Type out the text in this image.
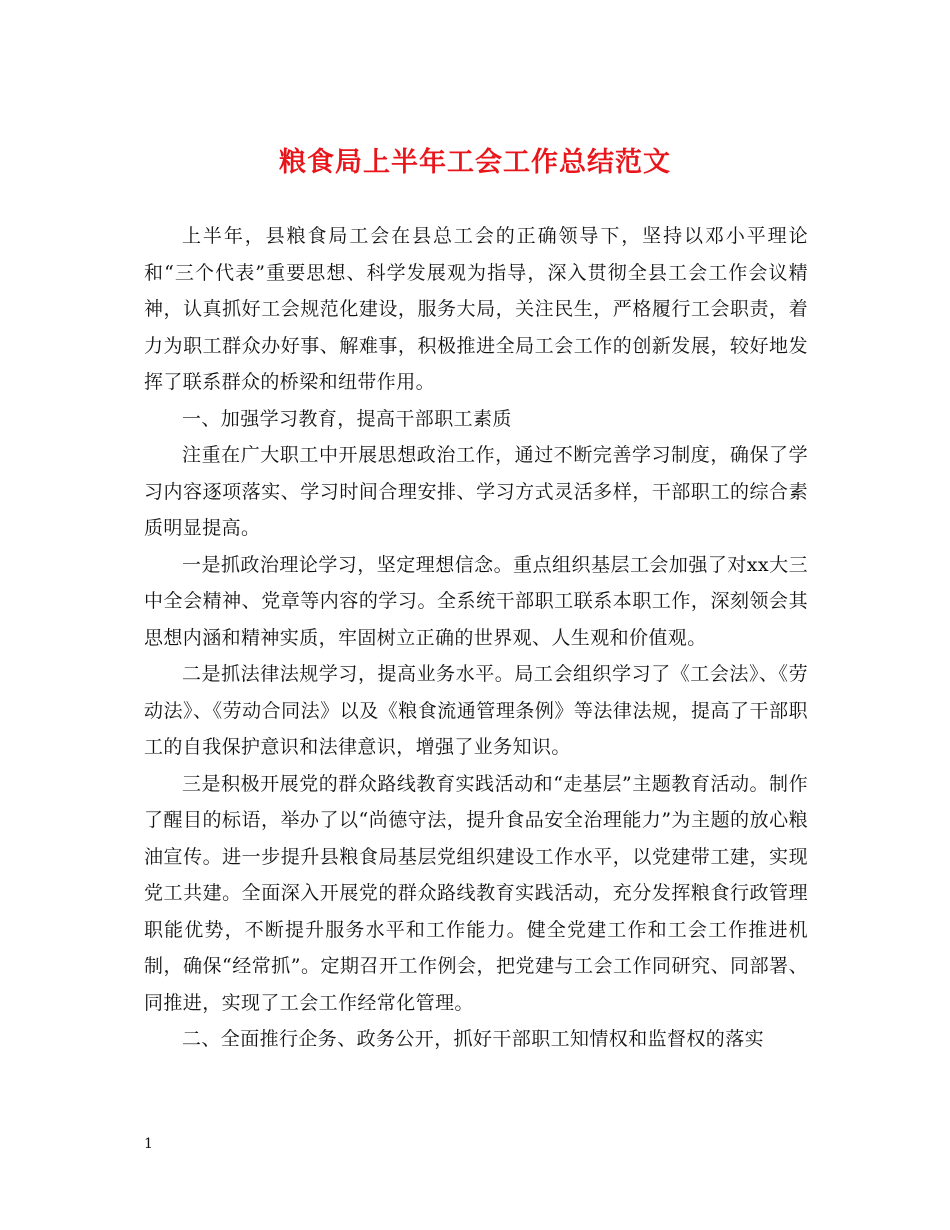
粮食局上半年工会工作总结范文

上半年，县粮食局工会在县总工会的正确领导下，坚持以邓小平理论和“三个代表”重要思想、科学发展观为指导，深入贯彻全县工会工作会议精神，认真抓好工会规范化建设，服务大局，关注民生，严格履行工会职责，着力为职工群众办好事、解难事，积极推进全局工会工作的创新发展，较好地发挥了联系群众的桥梁和纽带作用。

一、加强学习教育，提高干部职工素质

注重在广大职工中开展思想政治工作，通过不断完善学习制度，确保了学习内容逐项落实、学习时间合理安排、学习方式灵活多样，干部职工的综合素质明显提高。

一是抓政治理论学习，坚定理想信念。重点组织基层工会加强了对xx大三中全会精神、党章等内容的学习。全系统干部职工联系本职工作，深刻领会其思想内涵和精神实质，牢固树立正确的世界观、人生观和价值观。

二是抓法律法规学习，提高业务水平。局工会组织学习了《工会法》、《劳动法》、《劳动合同法》以及《粮食流通管理条例》等法律法规，提高了干部职工的自我保护意识和法律意识，增强了业务知识。

三是积极开展党的群众路线教育实践活动和“走基层”主题教育活动。制作了醒目的标语，举办了以“尚德守法，提升食品安全治理能力”为主题的放心粮油宣传。进一步提升县粮食局基层党组织建设工作水平，以党建带工建，实现党工共建。全面深入开展党的群众路线教育实践活动，充分发挥粮食行政管理职能优势，不断提升服务水平和工作能力。健全党建工作和工会工作推进机制，确保“经常抓”。定期召开工作例会，把党建与工会工作同研究、同部署、同推进，实现了工会工作经常化管理。

二、全面推行企务、政务公开，抓好干部职工知情权和监督权的落实

1
